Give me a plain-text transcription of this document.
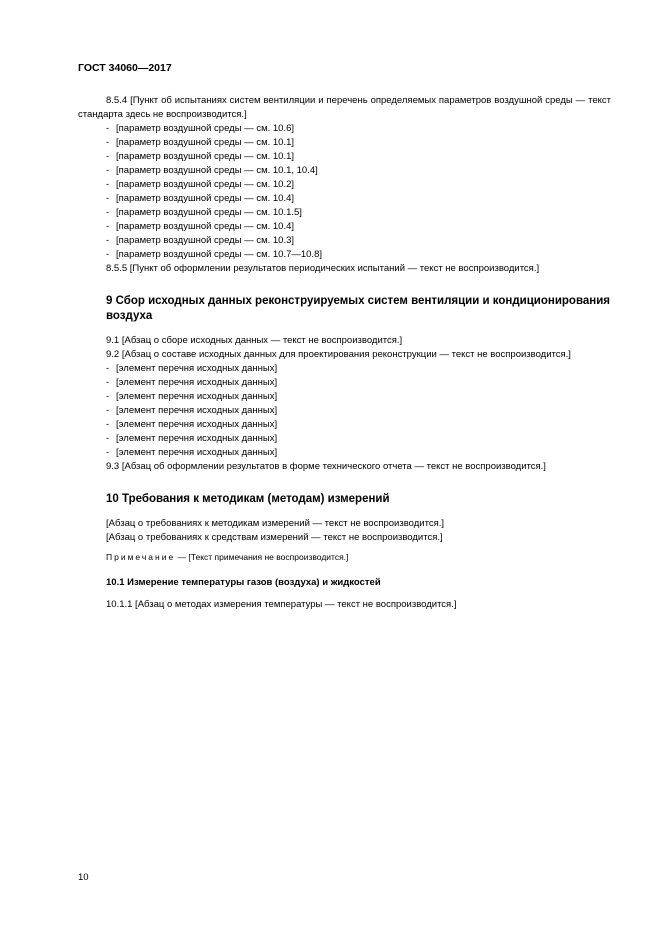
ГОСТ 34060—2017
8.5.4 [Пункт об испытаниях систем вентиляции и перечень определяемых параметров воздушной среды — текст стандарта здесь не воспроизводится.]
- [параметр воздушной среды — см. 10.6]
- [параметр воздушной среды — см. 10.1]
- [параметр воздушной среды — см. 10.1]
- [параметр воздушной среды — см. 10.1, 10.4]
- [параметр воздушной среды — см. 10.2]
- [параметр воздушной среды — см. 10.4]
- [параметр воздушной среды — см. 10.1.5]
- [параметр воздушной среды — см. 10.4]
- [параметр воздушной среды — см. 10.3]
- [параметр воздушной среды — см. 10.7—10.8]
8.5.5 [Пункт об оформлении результатов периодических испытаний — текст не воспроизводится.]
9 Сбор исходных данных реконструируемых систем вентиляции и кондиционирования воздуха
9.1 [Абзац о сборе исходных данных — текст не воспроизводится.]
9.2 [Абзац о составе исходных данных для проектирования реконструкции — текст не воспроизводится.]
- [элемент перечня исходных данных]
- [элемент перечня исходных данных]
- [элемент перечня исходных данных]
- [элемент перечня исходных данных]
- [элемент перечня исходных данных]
- [элемент перечня исходных данных]
- [элемент перечня исходных данных]
9.3 [Абзац об оформлении результатов в форме технического отчета — текст не воспроизводится.]
10 Требования к методикам (методам) измерений
[Абзац о требованиях к методикам измерений — текст не воспроизводится.]
[Абзац о требованиях к средствам измерений — текст не воспроизводится.]
Примечание — [Текст примечания не воспроизводится.]
10.1 Измерение температуры газов (воздуха) и жидкостей
10.1.1 [Абзац о методах измерения температуры — текст не воспроизводится.]
10
